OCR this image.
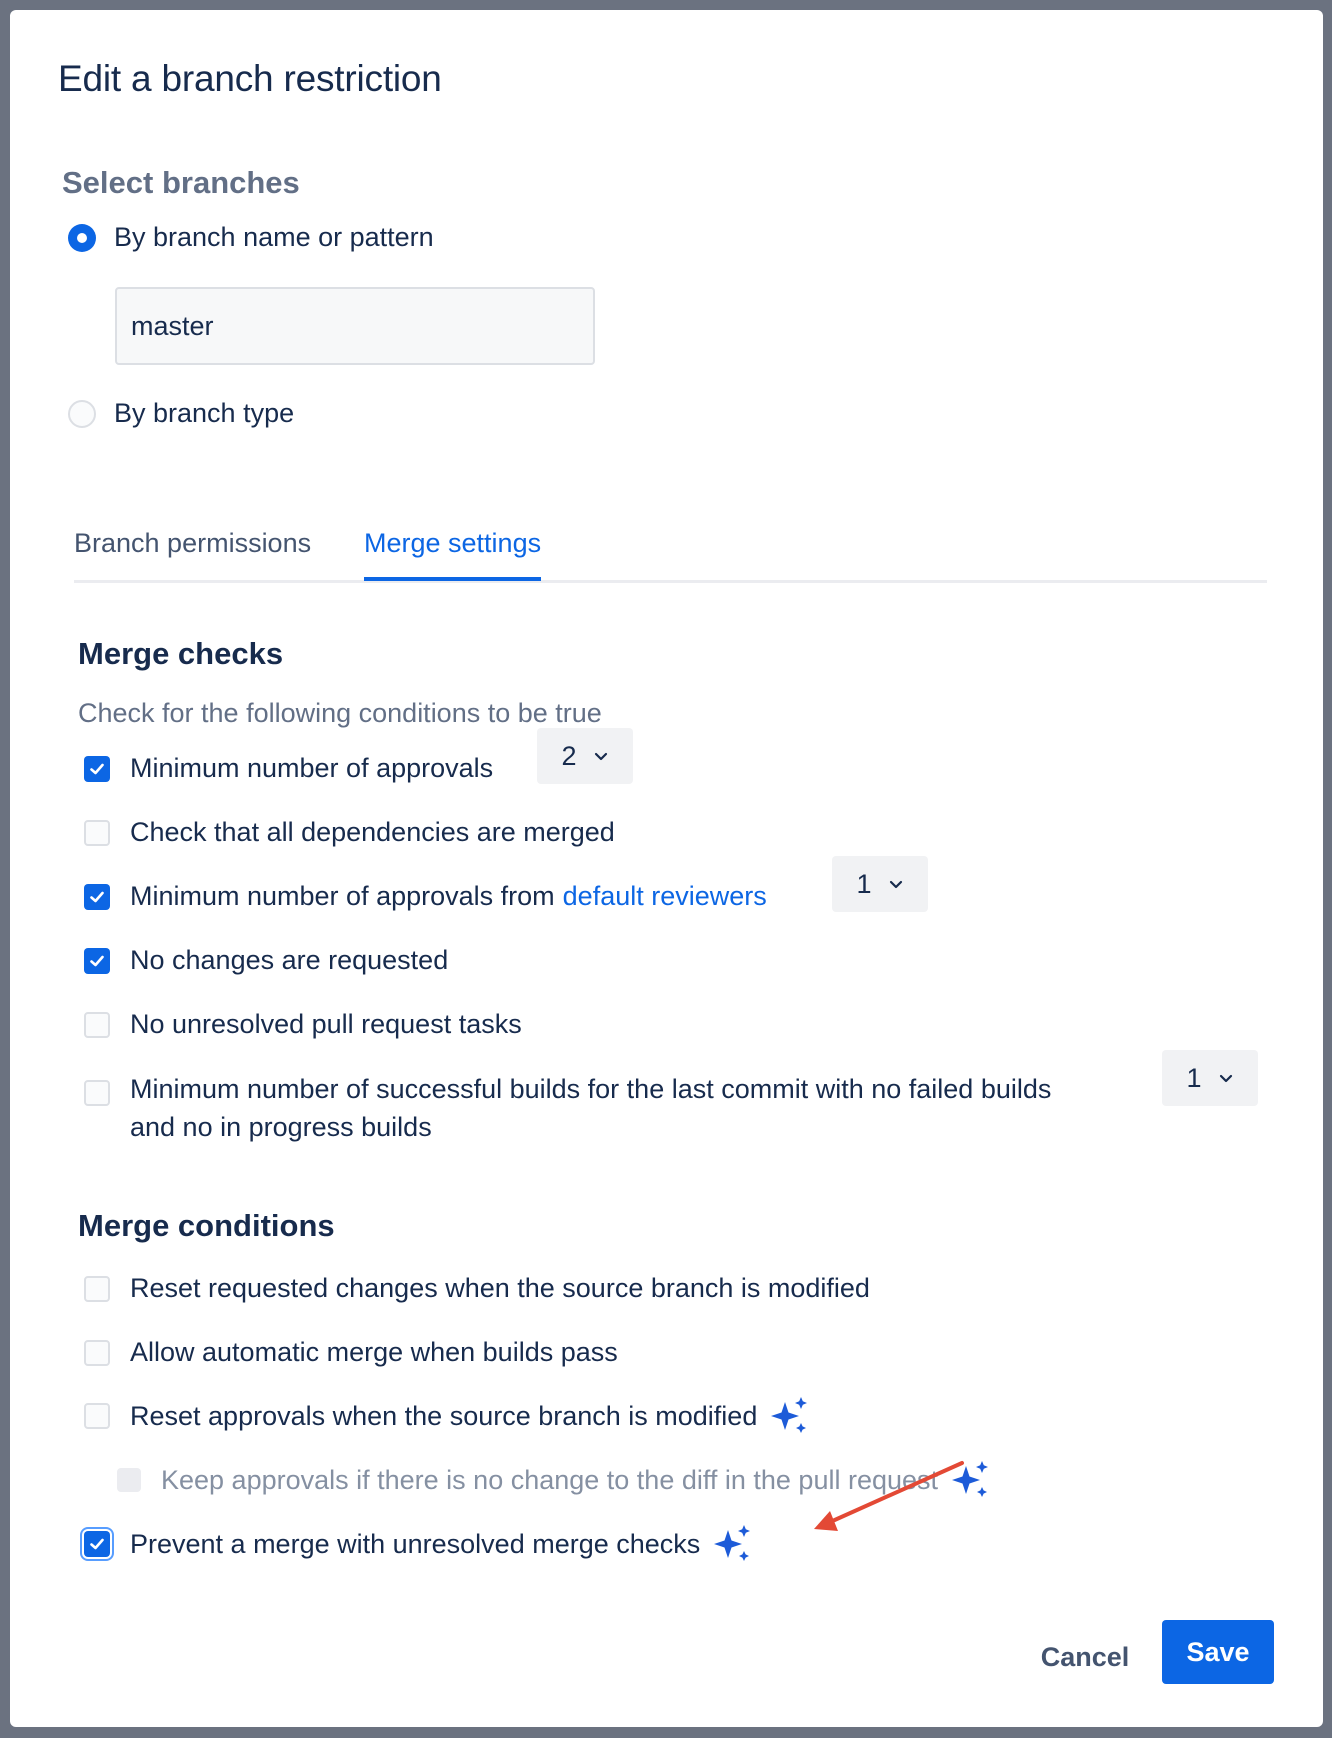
Edit a branch restriction
Select branches
By branch name or pattern
master
By branch type
Branch permissions Merge settings
Merge checks
Check for the following conditions to be true
Minimum number of approvals	2
Check that all dependencies are merged
Minimum number of approvals from default reviewers	1
No changes are requested
No unresolved pull request tasks
Minimum number of successful builds for the last commit with no failed builds
and no in progress builds
1
Merge conditions
Reset requested changes when the source branch is modified
Allow automatic merge when builds pass
Reset approvals when the source branch is modified
Keep approvals if there is no change to the diff in the pull request
Prevent a merge with unresolved merge checks
Cancel	Save
